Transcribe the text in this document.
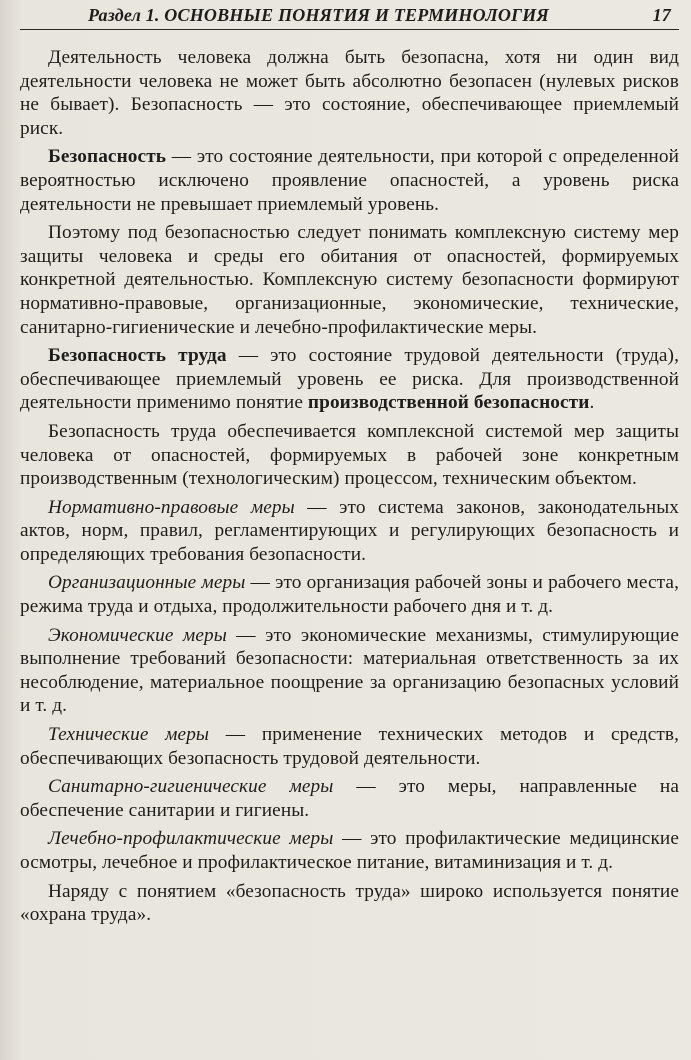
Раздел 1. ОСНОВНЫЕ ПОНЯТИЯ И ТЕРМИНОЛОГИЯ	17

Деятельность человека должна быть безопасна, хотя ни один вид деятельности человека не может быть абсолютно безопасен (нулевых рисков не бывает). Безопасность — это состояние, обеспечивающее приемлемый риск.

Безопасность — это состояние деятельности, при которой с определенной вероятностью исключено проявление опасностей, а уровень риска деятельности не превышает приемлемый уровень.

Поэтому под безопасностью следует понимать комплексную систему мер защиты человека и среды его обитания от опасностей, формируемых конкретной деятельностью. Комплексную систему безопасности формируют нормативно-правовые, организационные, экономические, технические, санитарно-гигиенические и лечебно-профилактические меры.

Безопасность труда — это состояние трудовой деятельности (труда), обеспечивающее приемлемый уровень ее риска. Для производственной деятельности применимо понятие производственной безопасности.

Безопасность труда обеспечивается комплексной системой мер защиты человека от опасностей, формируемых в рабочей зоне конкретным производственным (технологическим) процессом, техническим объектом.

Нормативно-правовые меры — это система законов, законодательных актов, норм, правил, регламентирующих и регулирующих безопасность и определяющих требования безопасности.

Организационные меры — это организация рабочей зоны и рабочего места, режима труда и отдыха, продолжительности рабочего дня и т. д.

Экономические меры — это экономические механизмы, стимулирующие выполнение требований безопасности: материальная ответственность за их несоблюдение, материальное поощрение за организацию безопасных условий и т. д.

Технические меры — применение технических методов и средств, обеспечивающих безопасность трудовой деятельности.

Санитарно-гигиенические меры — это меры, направленные на обеспечение санитарии и гигиены.

Лечебно-профилактические меры — это профилактические медицинские осмотры, лечебное и профилактическое питание, витаминизация и т. д.

Наряду с понятием «безопасность труда» широко используется понятие «охрана труда».
